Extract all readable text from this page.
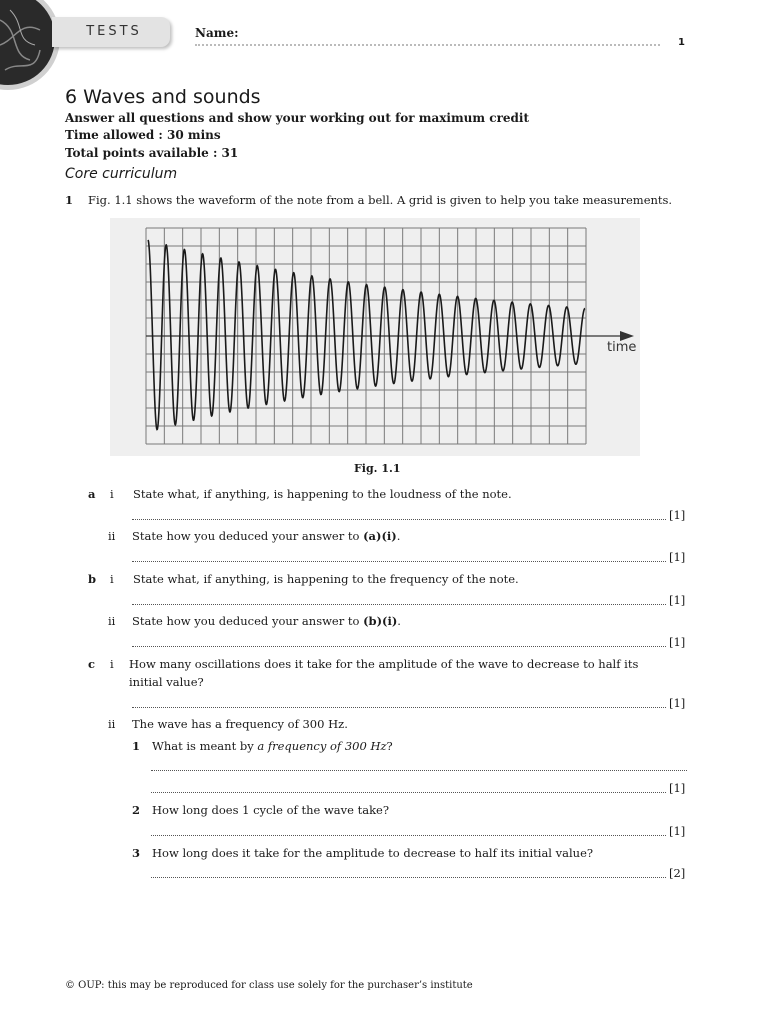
TESTS	Name:
1
6 Waves and sounds
Answer all questions and show your working out for maximum credit
Time allowed : 30 mins
Total points available : 31
Core curriculum
1 Fig. 1.1 shows the waveform of the note from a bell. A grid is given to help you take measurements.
time
Fig. 1.1
a i State what, if anything, is happening to the loudness of the note.
[1]
ii State how you deduced your answer to (a)(i).
[1]
b i State what, if anything, is happening to the frequency of the note.
[1]
ii State how you deduced your answer to (b)(i).
[1]
c i How many oscillations does it take for the amplitude of the wave to decrease to half its
initial value?
[1]
ii The wave has a frequency of 300 Hz.
1 What is meant by a frequency of 300 Hz?
[1]
2 How long does 1 cycle of the wave take?
[1]
3 How long does it take for the amplitude to decrease to half its initial value?
[2]
© OUP: this may be reproduced for class use solely for the purchaser’s institute
